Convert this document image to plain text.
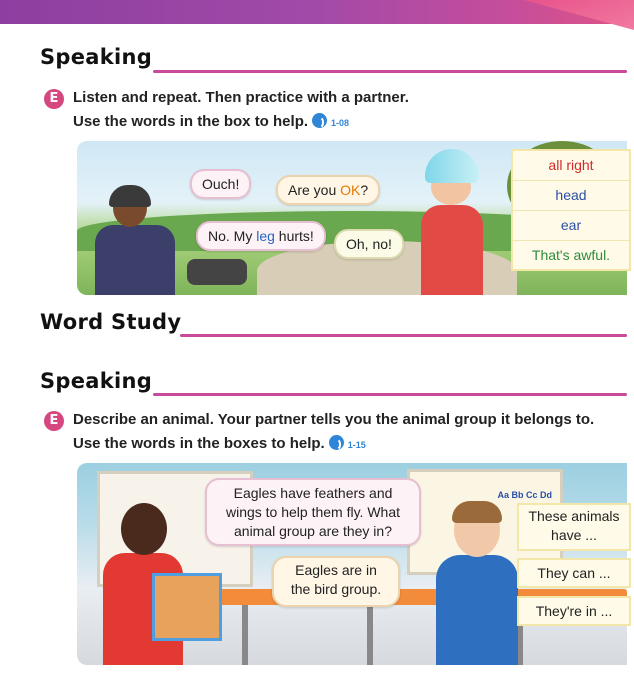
Speaking
E Listen and repeat. Then practice with a partner.
Use the words in the box to help.	1-08
Ouch!	Are you OK?
No. My leg hurts!	Oh, no!
all right
head
ear
That's awful.
Word Study
Speaking
E Describe an animal. Your partner tells you the animal group it belongs to.
Use the words in the boxes to help.	1-15
Aa Bb Cc Dd
Eagles have feathers and
wings to help them fly. What
animal group are they in?
Eagles are in
the bird group.
These animals
have ...
They can ...
They're in ...
